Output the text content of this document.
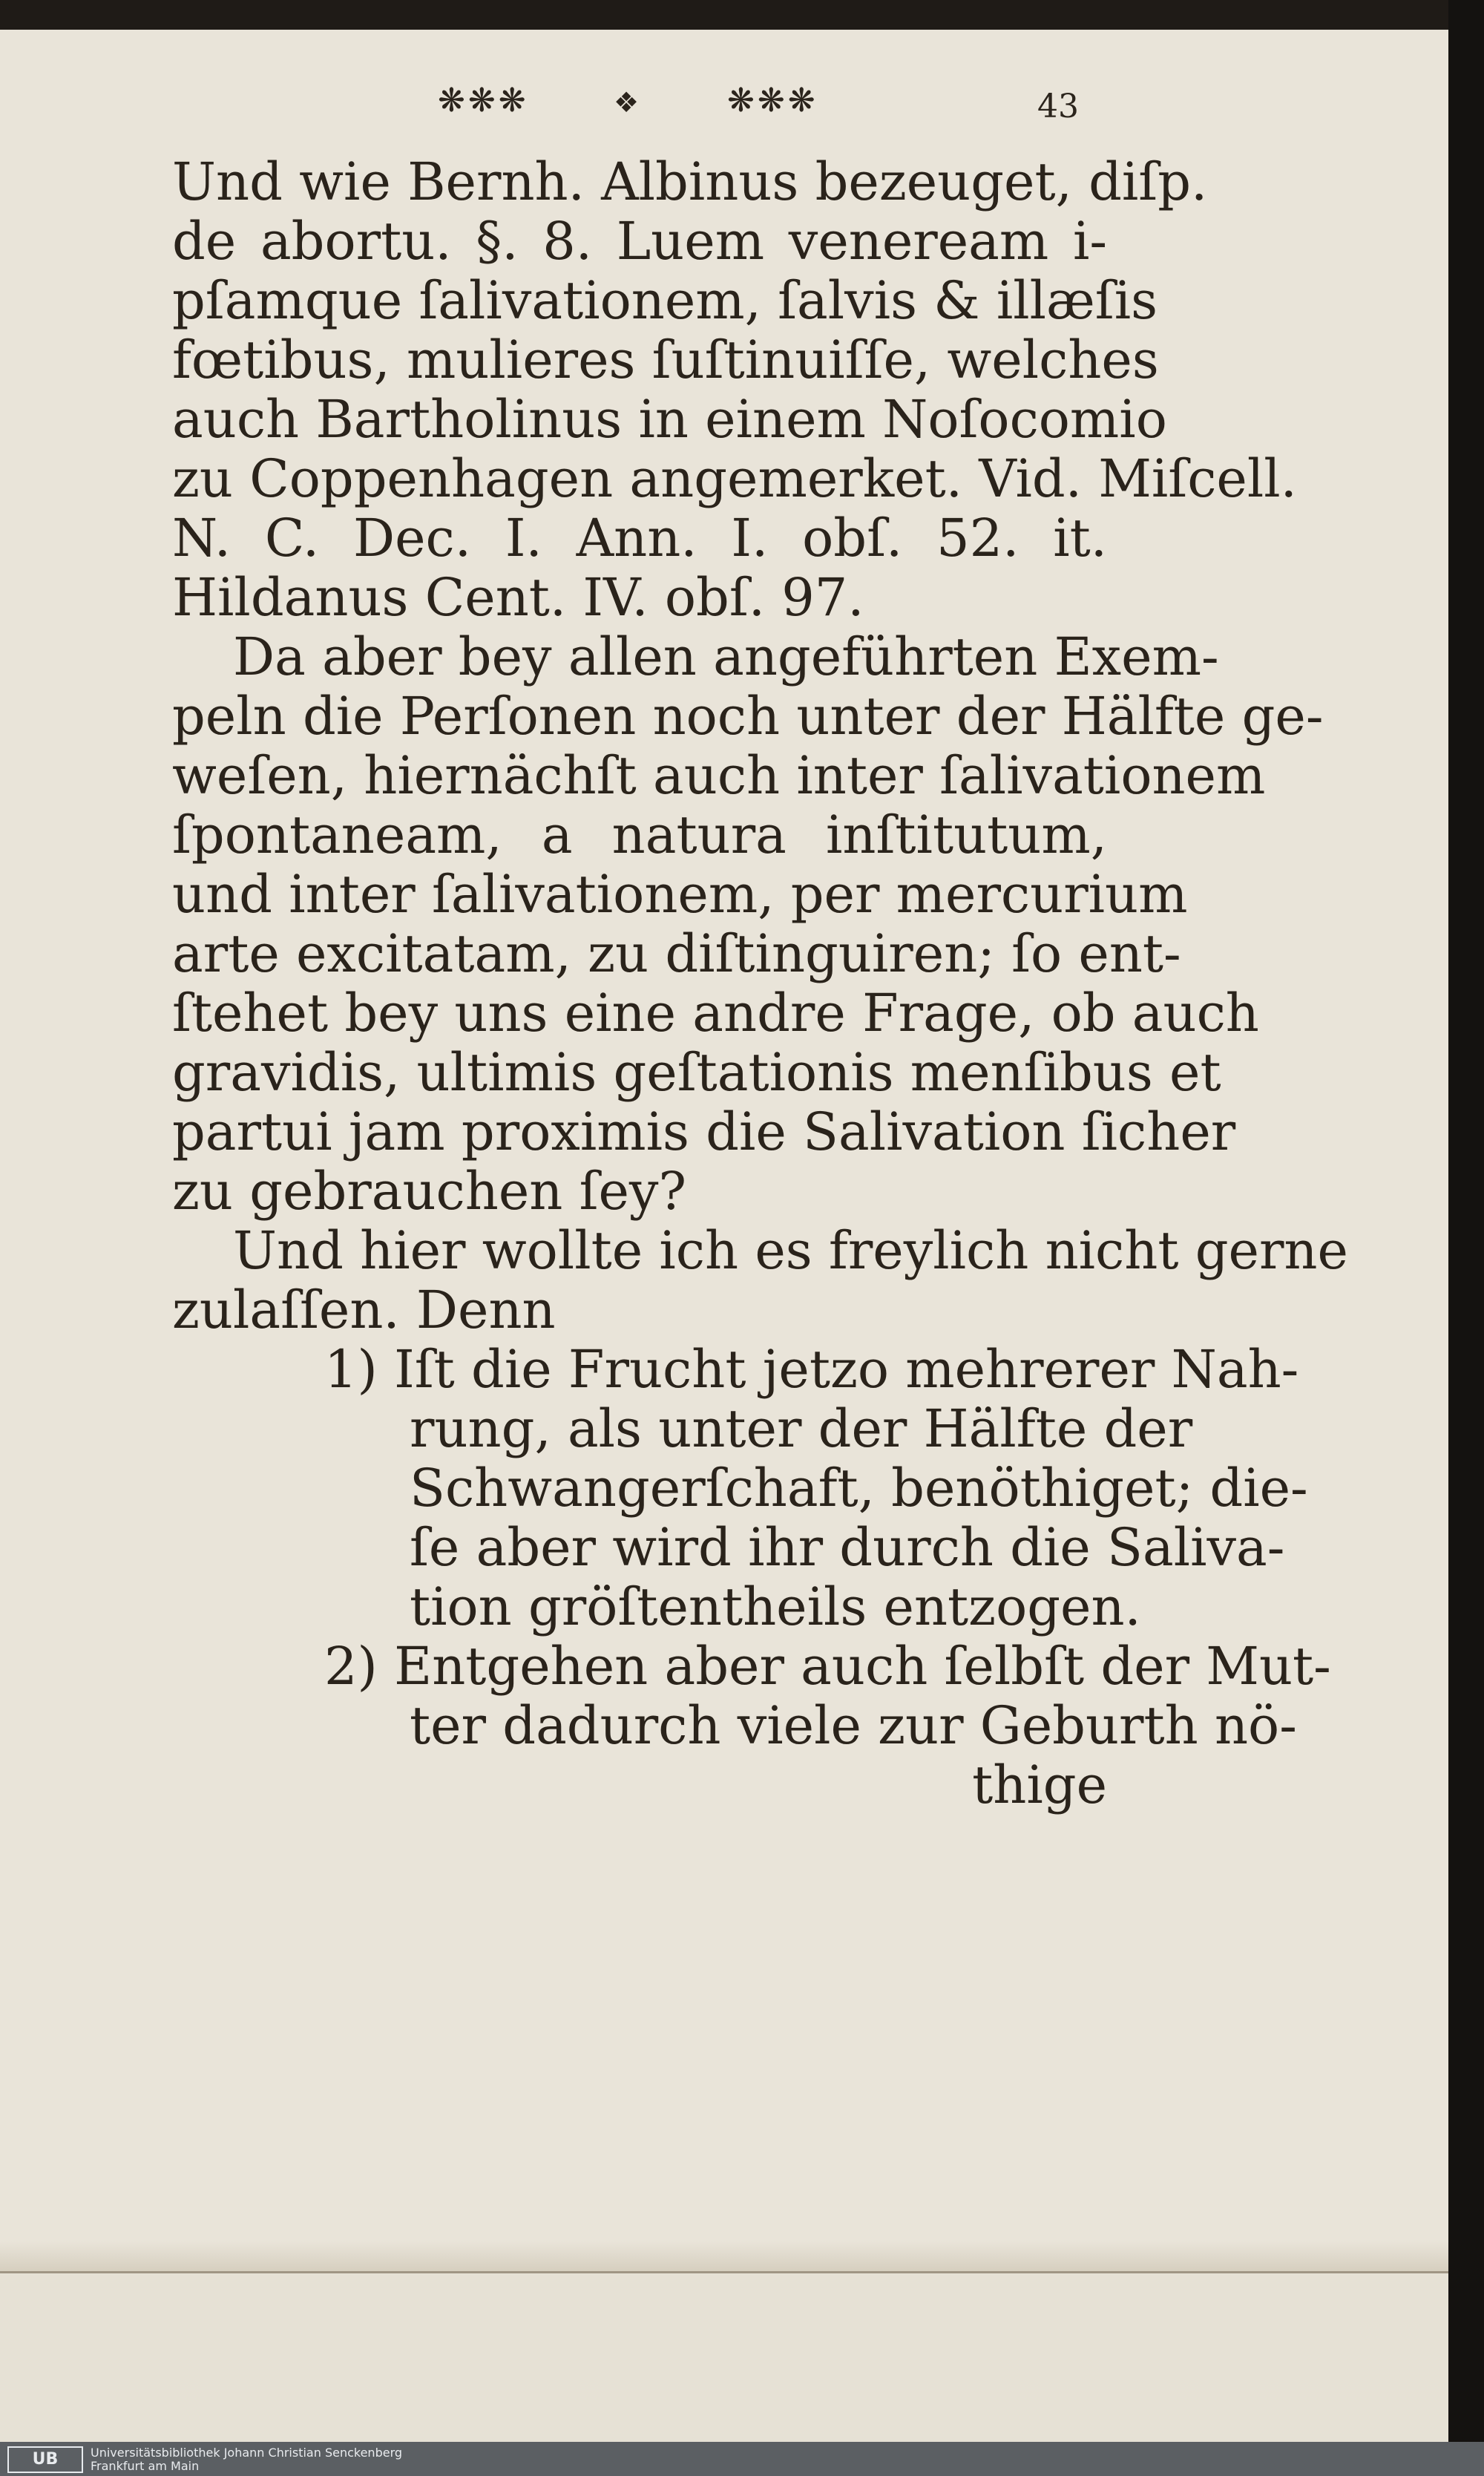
❋❋❋	❖	❋❋❋	43
Und wie Bernh. Albinus bezeuget, diſp.
de abortu. §. 8. Luem veneream i-
pſamque ſalivationem, ſalvis & illæſis
fœtibus, mulieres ſuſtinuiſſe, welches
auch Bartholinus in einem Noſocomio
zu Coppenhagen angemerket. Vid. Miſcell.
N. C. Dec. I. Ann. I. obſ. 52. it.
Hildanus Cent. IV. obſ. 97.
Da aber bey allen angeführten Exem-
peln die Perſonen noch unter der Hälfte ge-
weſen, hiernächſt auch inter ſalivationem
ſpontaneam, a natura inſtitutum,
und inter ſalivationem, per mercurium
arte excitatam, zu diſtinguiren; ſo ent-
ſtehet bey uns eine andre Frage, ob auch
gravidis, ultimis geſtationis menſibus et
partui jam proximis die Salivation ſicher
zu gebrauchen ſey?
Und hier wollte ich es freylich nicht gerne
zulaſſen. Denn
1) Iſt die Frucht jetzo mehrerer Nah-
rung, als unter der Hälfte der
Schwangerſchaft, benöthiget; die-
ſe aber wird ihr durch die Saliva-
tion gröſtentheils entzogen.
2) Entgehen aber auch ſelbſt der Mut-
ter dadurch viele zur Geburth nö-
thige
UB	Universitätsbibliothek Johann Christian Senckenberg
Frankfurt am Main
